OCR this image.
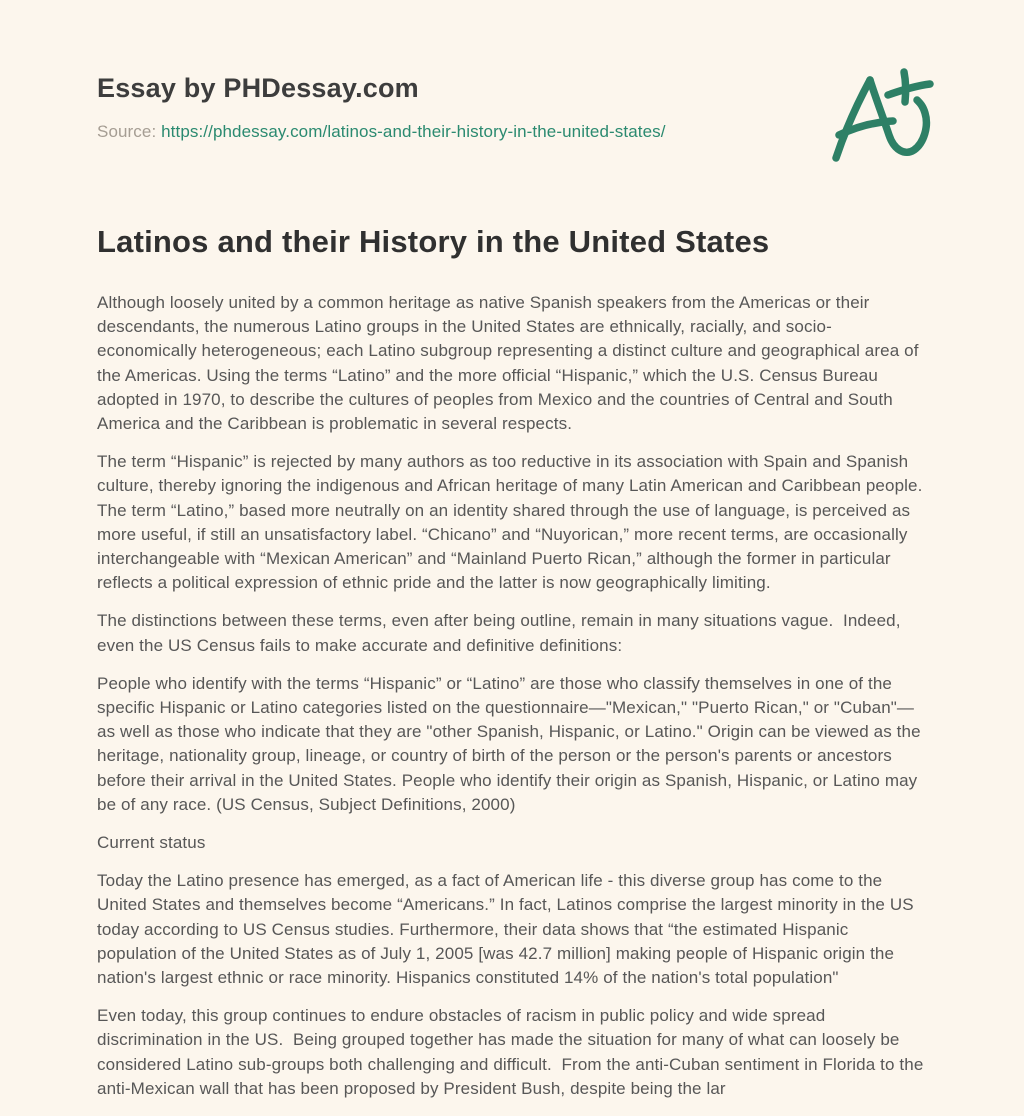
Essay by PHDessay.com
Source: https://phdessay.com/latinos-and-their-history-in-the-united-states/
Latinos and their History in the United States

Although loosely united by a common heritage as native Spanish speakers from the Americas or their descendants, the numerous Latino groups in the United States are ethnically, racially, and socio-economically heterogeneous; each Latino subgroup representing a distinct culture and geographical area of the Americas. Using the terms “Latino” and the more official “Hispanic,” which the U.S. Census Bureau adopted in 1970, to describe the cultures of peoples from Mexico and the countries of Central and South America and the Caribbean is problematic in several respects.

The term “Hispanic” is rejected by many authors as too reductive in its association with Spain and Spanish culture, thereby ignoring the indigenous and African heritage of many Latin American and Caribbean people. The term “Latino,” based more neutrally on an identity shared through the use of language, is perceived as more useful, if still an unsatisfactory label. “Chicano” and “Nuyorican,” more recent terms, are occasionally interchangeable with “Mexican American” and “Mainland Puerto Rican,” although the former in particular reflects a political expression of ethnic pride and the latter is now geographically limiting.

The distinctions between these terms, even after being outline, remain in many situations vague.  Indeed, even the US Census fails to make accurate and definitive definitions:

People who identify with the terms “Hispanic” or “Latino” are those who classify themselves in one of the specific Hispanic or Latino categories listed on the questionnaire—"Mexican," "Puerto Rican," or "Cuban"—as well as those who indicate that they are "other Spanish, Hispanic, or Latino." Origin can be viewed as the heritage, nationality group, lineage, or country of birth of the person or the person's parents or ancestors before their arrival in the United States. People who identify their origin as Spanish, Hispanic, or Latino may be of any race. (US Census, Subject Definitions, 2000)

Current status

Today the Latino presence has emerged, as a fact of American life - this diverse group has come to the United States and themselves become “Americans.” In fact, Latinos comprise the largest minority in the US today according to US Census studies. Furthermore, their data shows that “the estimated Hispanic population of the United States as of July 1, 2005 [was 42.7 million] making people of Hispanic origin the nation's largest ethnic or race minority. Hispanics constituted 14% of the nation's total population"

Even today, this group continues to endure obstacles of racism in public policy and wide spread discrimination in the US.  Being grouped together has made the situation for many of what can loosely be considered Latino sub-groups both challenging and difficult.  From the anti-Cuban sentiment in Florida to the anti-Mexican wall that has been proposed by President Bush, despite being the lar
